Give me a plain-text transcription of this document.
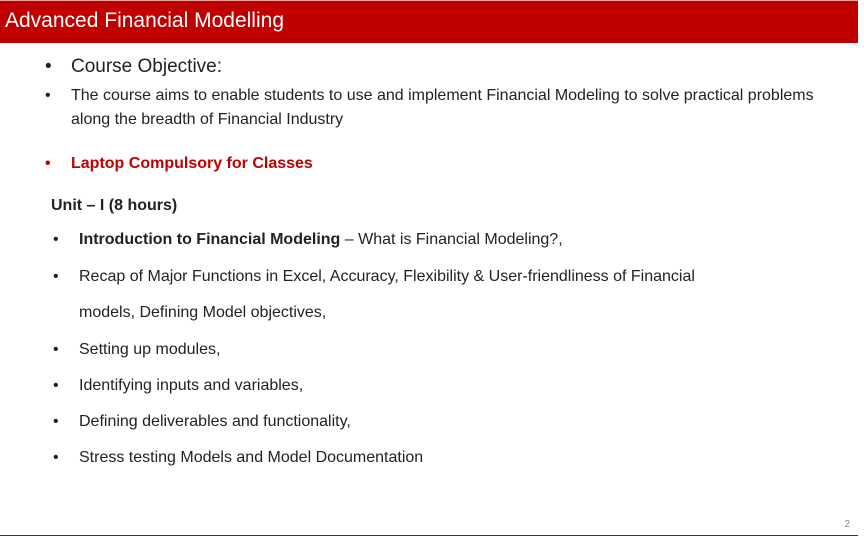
Advanced Financial Modelling
•	Course Objective:
•	The course aims to enable students to use and implement Financial Modeling to solve practical problems along the breadth of Financial Industry
•	Laptop Compulsory for Classes
Unit – I (8 hours)
•	Introduction to Financial Modeling – What is Financial Modeling?,
•	Recap of Major Functions in Excel, Accuracy, Flexibility & User-friendliness of Financial
models, Defining Model objectives,
•	Setting up modules,
•	Identifying inputs and variables,
•	Defining deliverables and functionality,
•	Stress testing Models and Model Documentation
2
